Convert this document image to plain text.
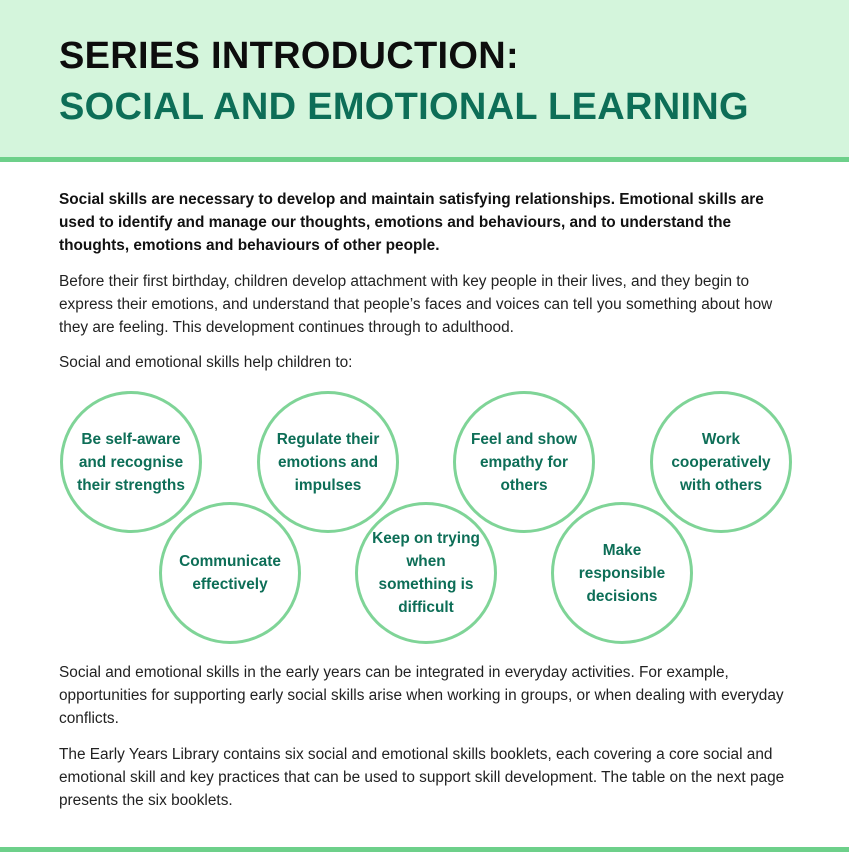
SERIES INTRODUCTION:
SOCIAL AND EMOTIONAL LEARNING

Social skills are necessary to develop and maintain satisfying relationships. Emotional skills are used to identify and manage our thoughts, emotions and behaviours, and to understand the thoughts, emotions and behaviours of other people.

Before their first birthday, children develop attachment with key people in their lives, and they begin to express their emotions, and understand that people’s faces and voices can tell you something about how they are feeling. This development continues through to adulthood.

Social and emotional skills help children to:

Be self-aware and recognise their strengths
Regulate their emotions and impulses
Feel and show empathy for others
Work cooperatively with others
Communicate effectively
Keep on trying when something is difficult
Make responsible decisions

Social and emotional skills in the early years can be integrated in everyday activities. For example, opportunities for supporting early social skills arise when working in groups, or when dealing with everyday conflicts.

The Early Years Library contains six social and emotional skills booklets, each covering a core social and emotional skill and key practices that can be used to support skill development. The table on the next page presents the six booklets.
